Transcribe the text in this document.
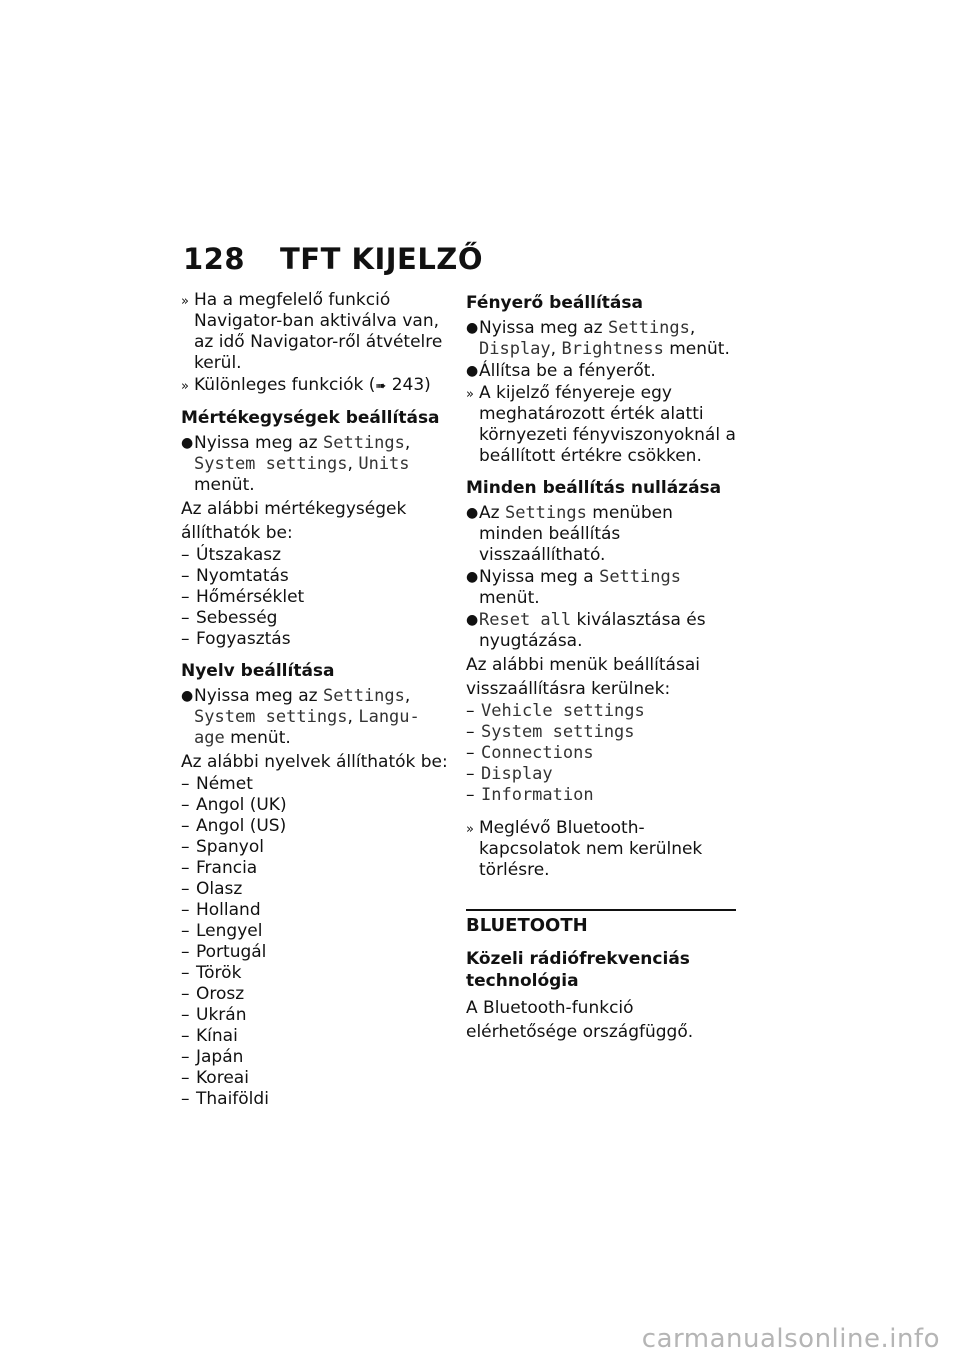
128 TFT KIJELZŐ
» Ha a megfelelő funkció Navigator-ban aktiválva van, az idő Navigator-ről átvételre kerül.
» Különleges funkciók (➠ 243)
Mértékegységek beállítása
● Nyissa meg az Settings, System settings, Units menüt.

Az alábbi mértékegységek állíthatók be:

– Útszakasz
– Nyomtatás
– Hőmérséklet
– Sebesség
– Fogyasztás
Nyelv beállítása
● Nyissa meg az Settings, System settings, Langu- age menüt.

Az alábbi nyelvek állíthatók be:

– Német
– Angol (UK)
– Angol (US)
– Spanyol
– Francia
– Olasz
– Holland
– Lengyel
– Portugál
– Török
– Orosz
– Ukrán
– Kínai
– Japán
– Koreai
– Thaiföldi
Fényerő beállítása
● Nyissa meg az Settings, Display, Brightness menüt.
● Állítsa be a fényerőt.
» A kijelző fényereje egy meghatározott érték alatti környezeti fényviszonyoknál a beállított értékre csökken.
Minden beállítás nullázása
● Az Settings menüben minden beállítás visszaállítható.
● Nyissa meg a Settings menüt.
● Reset all kiválasztása és nyugtázása.

Az alábbi menük beállításai visszaállításra kerülnek:

– Vehicle settings
– System settings
– Connections
– Display
– Information
» Meglévő Bluetooth-kapcsolatok nem kerülnek törlésre.
BLUETOOTH
Közeli rádiófrekvenciás technológia

A Bluetooth-funkció elérhetősége országfüggő.

carmanualsonline.info
